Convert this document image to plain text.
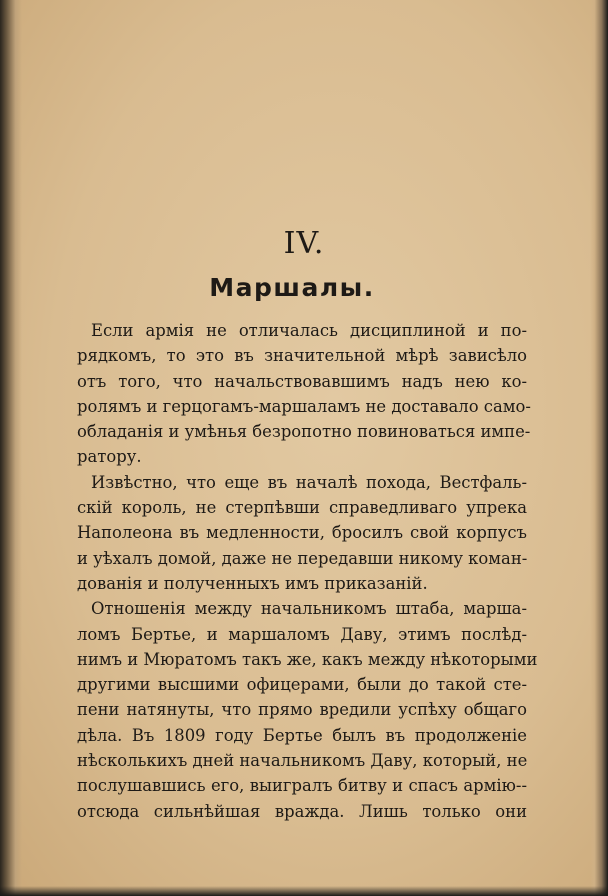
IV.
Маршалы.
Если армія не отличалась дисциплиной и по-
рядкомъ, то это въ значительной мѣрѣ зависѣло
отъ того, что начальствовавшимъ надъ нею ко-
ролямъ и герцогамъ-маршаламъ не доставало само-
обладанія и умѣнья безропотно повиноваться импе-
ратору.
Извѣстно, что еще въ началѣ похода, Вестфаль-
скій король, не стерпѣвши справедливаго упрека
Наполеона въ медленности, бросилъ свой корпусъ
и уѣхалъ домой, даже не передавши никому коман-
дованія и полученныхъ имъ приказаній.
Отношенія между начальникомъ штаба, марша-
ломъ Бертье, и маршаломъ Даву, этимъ послѣд-
нимъ и Мюратомъ такъ же, какъ между нѣкоторыми
другими высшими офицерами, были до такой сте-
пени натянуты, что прямо вредили успѣху общаго
дѣла. Въ 1809 году Бертье былъ въ продолженіе
нѣсколькихъ дней начальникомъ Даву, который, не
послушавшись его, выигралъ битву и спасъ армію--
отсюда сильнѣйшая вражда. Лишь только они
